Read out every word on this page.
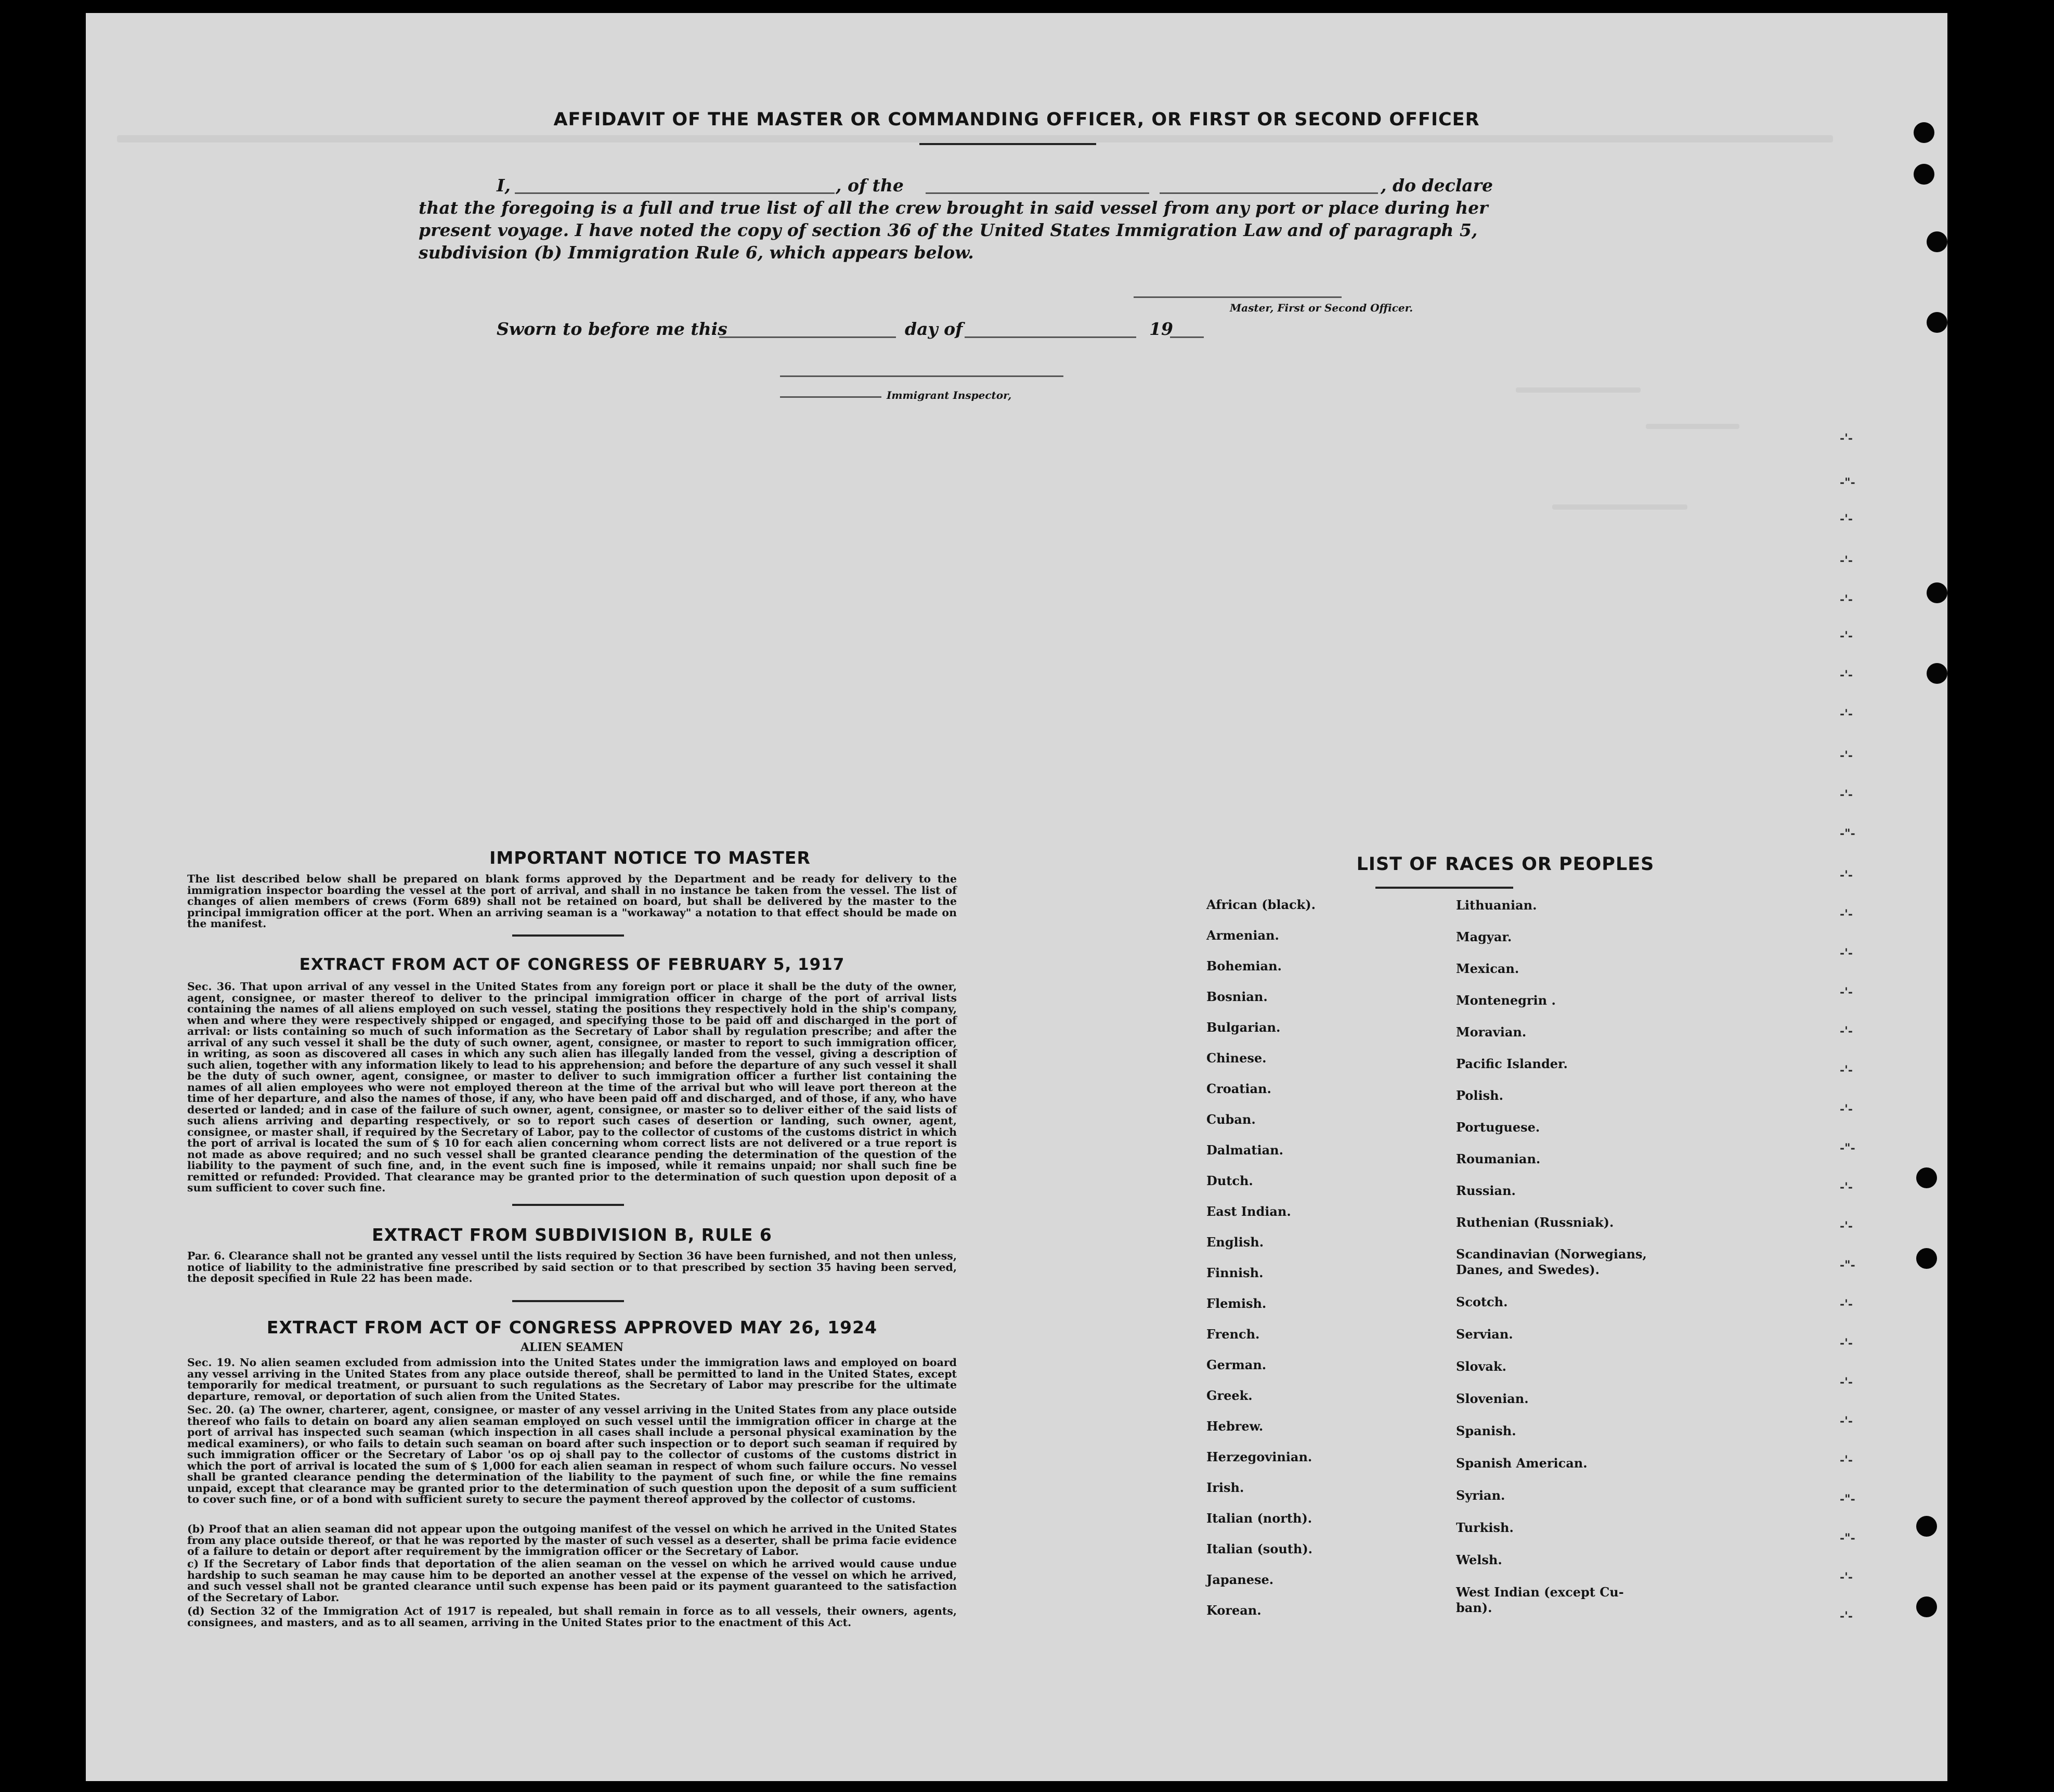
AFFIDAVIT OF THE MASTER OR COMMANDING OFFICER, OR FIRST OR SECOND OFFICER
I,	, of the	, do declare
that the foregoing is a full and true list of all the crew brought in said vessel from any port or place during her
present voyage. I have noted the copy of section 36 of the United States Immigration Law and of paragraph 5,
subdivision (b) Immigration Rule 6, which appears below.
Master, First or Second Officer.
Sworn to before me this	day of	19
Immigrant Inspector,
IMPORTANT NOTICE TO MASTER
The list described below shall be prepared on blank forms approved by the Department and be ready for delivery to the immigration inspector boarding the vessel at the port of arrival, and shall in no instance be taken from the vessel. The list of changes of alien members of crews (Form 689) shall not be retained on board, but shall be delivered by the master to the principal immigration officer at the port. When an arriving seaman is a "workaway" a notation to that effect should be made on the manifest.
EXTRACT FROM ACT OF CONGRESS OF FEBRUARY 5, 1917
Sec. 36. That upon arrival of any vessel in the United States from any foreign port or place it shall be the duty of the owner, agent, consignee, or master thereof to deliver to the principal immigration officer in charge of the port of arrival lists containing the names of all aliens employed on such vessel, stating the positions they respectively hold in the ship's company, when and where they were respectively shipped or engaged, and specifying those to be paid off and discharged in the port of arrival: or lists containing so much of such information as the Secretary of Labor shall by regulation prescribe; and after the arrival of any such vessel it shall be the duty of such owner, agent, consignee, or master to report to such immigration officer, in writing, as soon as discovered all cases in which any such alien has illegally landed from the vessel, giving a description of such alien, together with any information likely to lead to his apprehension; and before the departure of any such vessel it shall be the duty of such owner, agent, consignee, or master to deliver to such immigration officer a further list containing the names of all alien employees who were not employed thereon at the time of the arrival but who will leave port thereon at the time of her departure, and also the names of those, if any, who have been paid off and discharged, and of those, if any, who have deserted or landed; and in case of the failure of such owner, agent, consignee, or master so to deliver either of the said lists of such aliens arriving and departing respectively, or so to report such cases of desertion or landing, such owner, agent, consignee, or master shall, if required by the Secretary of Labor, pay to the collector of customs of the customs district in which the port of arrival is located the sum of $ 10 for each alien concerning whom correct lists are not delivered or a true report is not made as above required; and no such vessel shall be granted clearance pending the determination of the question of the liability to the payment of such fine, and, in the event such fine is imposed, while it remains unpaid; nor shall such fine be remitted or refunded: Provided. That clearance may be granted prior to the determination of such question upon deposit of a sum sufficient to cover such fine.
EXTRACT FROM SUBDIVISION B, RULE 6
Par. 6. Clearance shall not be granted any vessel until the lists required by Section 36 have been furnished, and not then unless, notice of liability to the administrative fine prescribed by said section or to that prescribed by section 35 having been served, the deposit specified in Rule 22 has been made.
EXTRACT FROM ACT OF CONGRESS APPROVED MAY 26, 1924
ALIEN SEAMEN
Sec. 19. No alien seamen excluded from admission into the United States under the immigration laws and employed on board any vessel arriving in the United States from any place outside thereof, shall be permitted to land in the United States, except temporarily for medical treatment, or pursuant to such regulations as the Secretary of Labor may prescribe for the ultimate departure, removal, or deportation of such alien from the United States.
Sec. 20. (a) The owner, charterer, agent, consignee, or master of any vessel arriving in the United States from any place outside thereof who fails to detain on board any alien seaman employed on such vessel until the immigration officer in charge at the port of arrival has inspected such seaman (which inspection in all cases shall include a personal physical examination by the medical examiners), or who fails to detain such seaman on board after such inspection or to deport such seaman if required by such immigration officer or the Secretary of Labor 'os op oj shall pay to the collector of customs of the customs district in which the port of arrival is located the sum of $ 1,000 for each alien seaman in respect of whom such failure occurs. No vessel shall be granted clearance pending the determination of the liability to the payment of such fine, or while the fine remains unpaid, except that clearance may be granted prior to the determination of such question upon the deposit of a sum sufficient to cover such fine, or of a bond with sufficient surety to secure the payment thereof approved by the collector of customs.
(b) Proof that an alien seaman did not appear upon the outgoing manifest of the vessel on which he arrived in the United States from any place outside thereof, or that he was reported by the master of such vessel as a deserter, shall be prima facie evidence of a failure to detain or deport after requirement by the immigration officer or the Secretary of Labor.
c) If the Secretary of Labor finds that deportation of the alien seaman on the vessel on which he arrived would cause undue hardship to such seaman he may cause him to be deported an another vessel at the expense of the vessel on which he arrived, and such vessel shall not be granted clearance until such expense has been paid or its payment guaranteed to the satisfaction of the Secretary of Labor.
(d) Section 32 of the Immigration Act of 1917 is repealed, but shall remain in force as to all vessels, their owners, agents, consignees, and masters, and as to all seamen, arriving in the United States prior to the enactment of this Act.
LIST OF RACES OR PEOPLES
African (black).
Armenian.
Bohemian.
Bosnian.
Bulgarian.
Chinese.
Croatian.
Cuban.
Dalmatian.
Dutch.
East Indian.
English.
Finnish.
Flemish.
French.
German.
Greek.
Hebrew.
Herzegovinian.
Irish.
Italian (north).
Italian (south).
Japanese.
Korean.
Lithuanian.
Magyar.
Mexican.
Montenegrin .
Moravian.
Pacific Islander.
Polish.
Portuguese.
Roumanian.
Russian.
Ruthenian (Russniak).
Scandinavian (Norwegians,
Danes, and Swedes).
Scotch.
Servian.
Slovak.
Slovenian.
Spanish.
Spanish American.
Syrian.
Turkish.
Welsh.
West Indian (except Cu-
ban).
-'-
-"-
-'-
-'-
-'-
-'-
-'-
-'-
-'-
-'-
-"-
-'-
-'-
-'-
-'-
-'-
-'-
-'-
-"-
-'-
-'-
-"-
-'-
-'-
-'-
-'-
-'-
-"-
-"-
-'-
-'-
